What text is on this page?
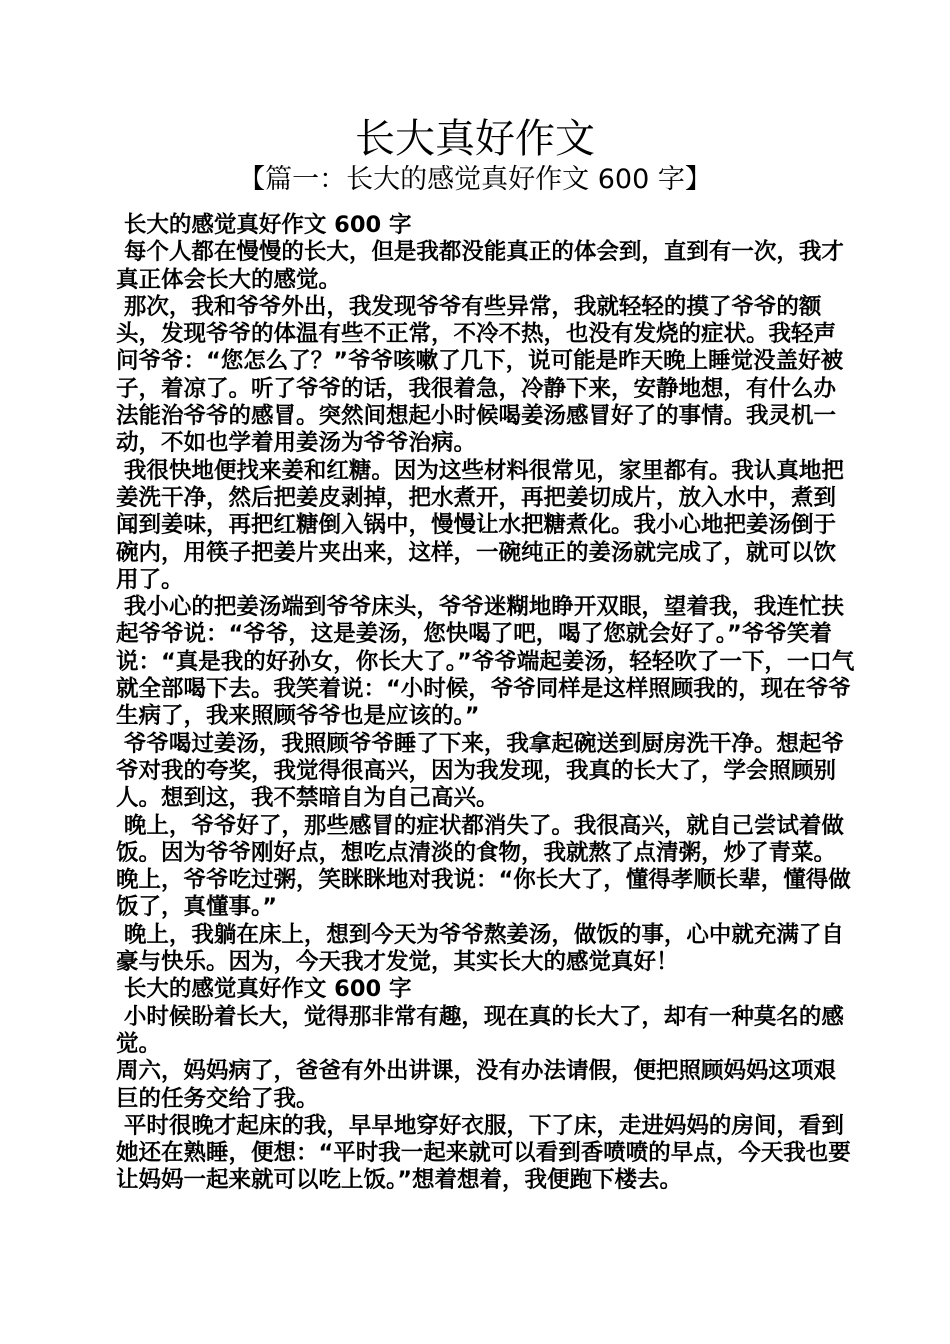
长大真好作文
【篇一：长大的感觉真好作文 600 字】

长大的感觉真好作文 600 字

每个人都在慢慢的长大，但是我都没能真正的体会到，直到有一次，我才真正体会长大的感觉。

那次，我和爷爷外出，我发现爷爷有些异常，我就轻轻的摸了爷爷的额头，发现爷爷的体温有些不正常，不冷不热，也没有发烧的症状。我轻声问爷爷：“您怎么了？”爷爷咳嗽了几下，说可能是昨天晚上睡觉没盖好被子，着凉了。听了爷爷的话，我很着急，冷静下来，安静地想，有什么办法能治爷爷的感冒。突然间想起小时候喝姜汤感冒好了的事情。我灵机一动，不如也学着用姜汤为爷爷治病。

我很快地便找来姜和红糖。因为这些材料很常见，家里都有。我认真地把姜洗干净，然后把姜皮剥掉，把水煮开，再把姜切成片，放入水中，煮到闻到姜味，再把红糖倒入锅中，慢慢让水把糖煮化。我小心地把姜汤倒于碗内，用筷子把姜片夹出来，这样，一碗纯正的姜汤就完成了，就可以饮用了。

我小心的把姜汤端到爷爷床头，爷爷迷糊地睁开双眼，望着我，我连忙扶起爷爷说：“爷爷，这是姜汤，您快喝了吧，喝了您就会好了。”爷爷笑着说：“真是我的好孙女，你长大了。”爷爷端起姜汤，轻轻吹了一下，一口气就全部喝下去。我笑着说：“小时候，爷爷同样是这样照顾我的，现在爷爷生病了，我来照顾爷爷也是应该的。”

爷爷喝过姜汤，我照顾爷爷睡了下来，我拿起碗送到厨房洗干净。想起爷爷对我的夸奖，我觉得很高兴，因为我发现，我真的长大了，学会照顾别人。想到这，我不禁暗自为自己高兴。

晚上，爷爷好了，那些感冒的症状都消失了。我很高兴，就自己尝试着做饭。因为爷爷刚好点，想吃点清淡的食物，我就熬了点清粥，炒了青菜。晚上，爷爷吃过粥，笑眯眯地对我说：“你长大了，懂得孝顺长辈，懂得做饭了，真懂事。”

晚上，我躺在床上，想到今天为爷爷熬姜汤，做饭的事，心中就充满了自豪与快乐。因为，今天我才发觉，其实长大的感觉真好！

长大的感觉真好作文 600 字

小时候盼着长大，觉得那非常有趣，现在真的长大了，却有一种莫名的感觉。

周六，妈妈病了，爸爸有外出讲课，没有办法请假，便把照顾妈妈这项艰巨的任务交给了我。

平时很晚才起床的我，早早地穿好衣服，下了床，走进妈妈的房间，看到她还在熟睡，便想：“平时我一起来就可以看到香喷喷的早点，今天我也要让妈妈一起来就可以吃上饭。”想着想着，我便跑下楼去。
